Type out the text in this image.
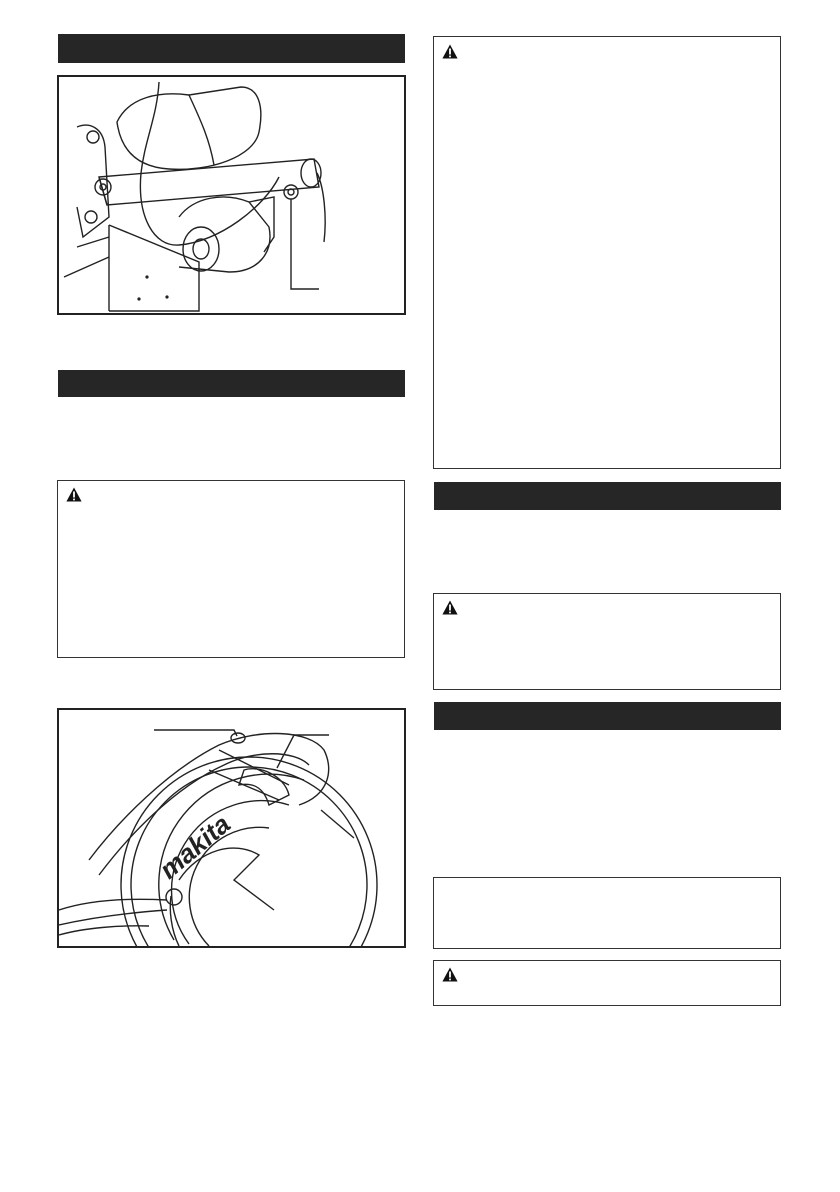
makita
